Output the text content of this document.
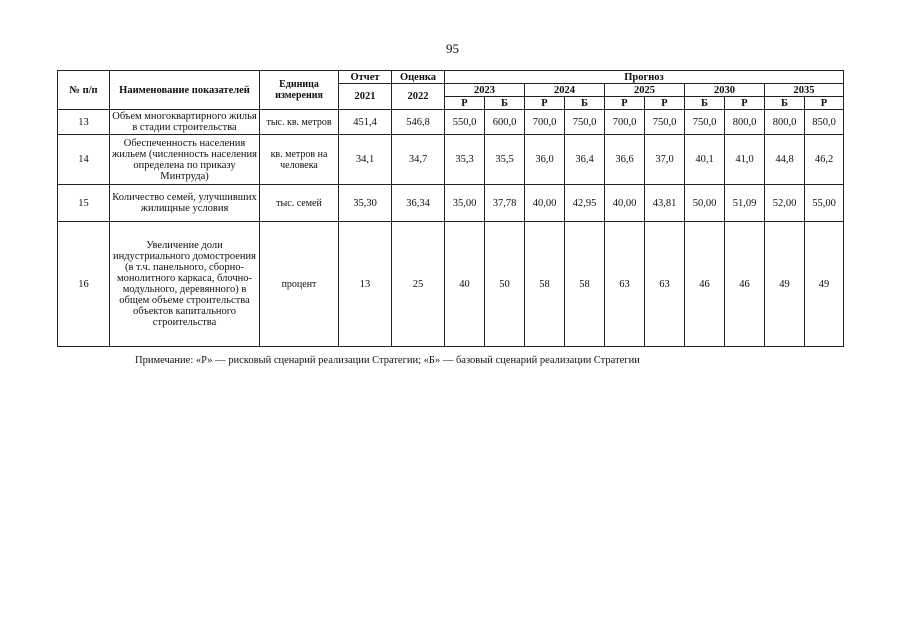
95
№ п/п	Наименование показателей	Единица измерения	Отчет	Оценка	Прогноз									
			2021	2022	2023		2024		2025		2030		2035	
					Р	Б	Р	Б	Р	Р	Б	Р	Б	Р
13	Объем многоквартирного жилья в стадии строительства	тыс. кв. метров	451,4	546,8	550,0	600,0	700,0	750,0	700,0	750,0	750,0	800,0	800,0	850,0
14	Обеспеченность населения жильем (численность населения определена по приказу Минтруда)	кв. метров на человека	34,1	34,7	35,3	35,5	36,0	36,4	36,6	37,0	40,1	41,0	44,8	46,2
15	Количество семей, улучшивших жилищные условия	тыс. семей	35,30	36,34	35,00	37,78	40,00	42,95	40,00	43,81	50,00	51,09	52,00	55,00
16	Увеличение доли индустриального домостроения (в т.ч. панельного, сборно-монолитного каркаса, блочно-модульного, деревянного) в общем объеме строительства объектов капитального строительства	процент	13	25	40	50	58	58	63	63	46	46	49	49
Примечание: «Р» — рисковый сценарий реализации Стратегии; «Б» — базовый сценарий реализации Стратегии
